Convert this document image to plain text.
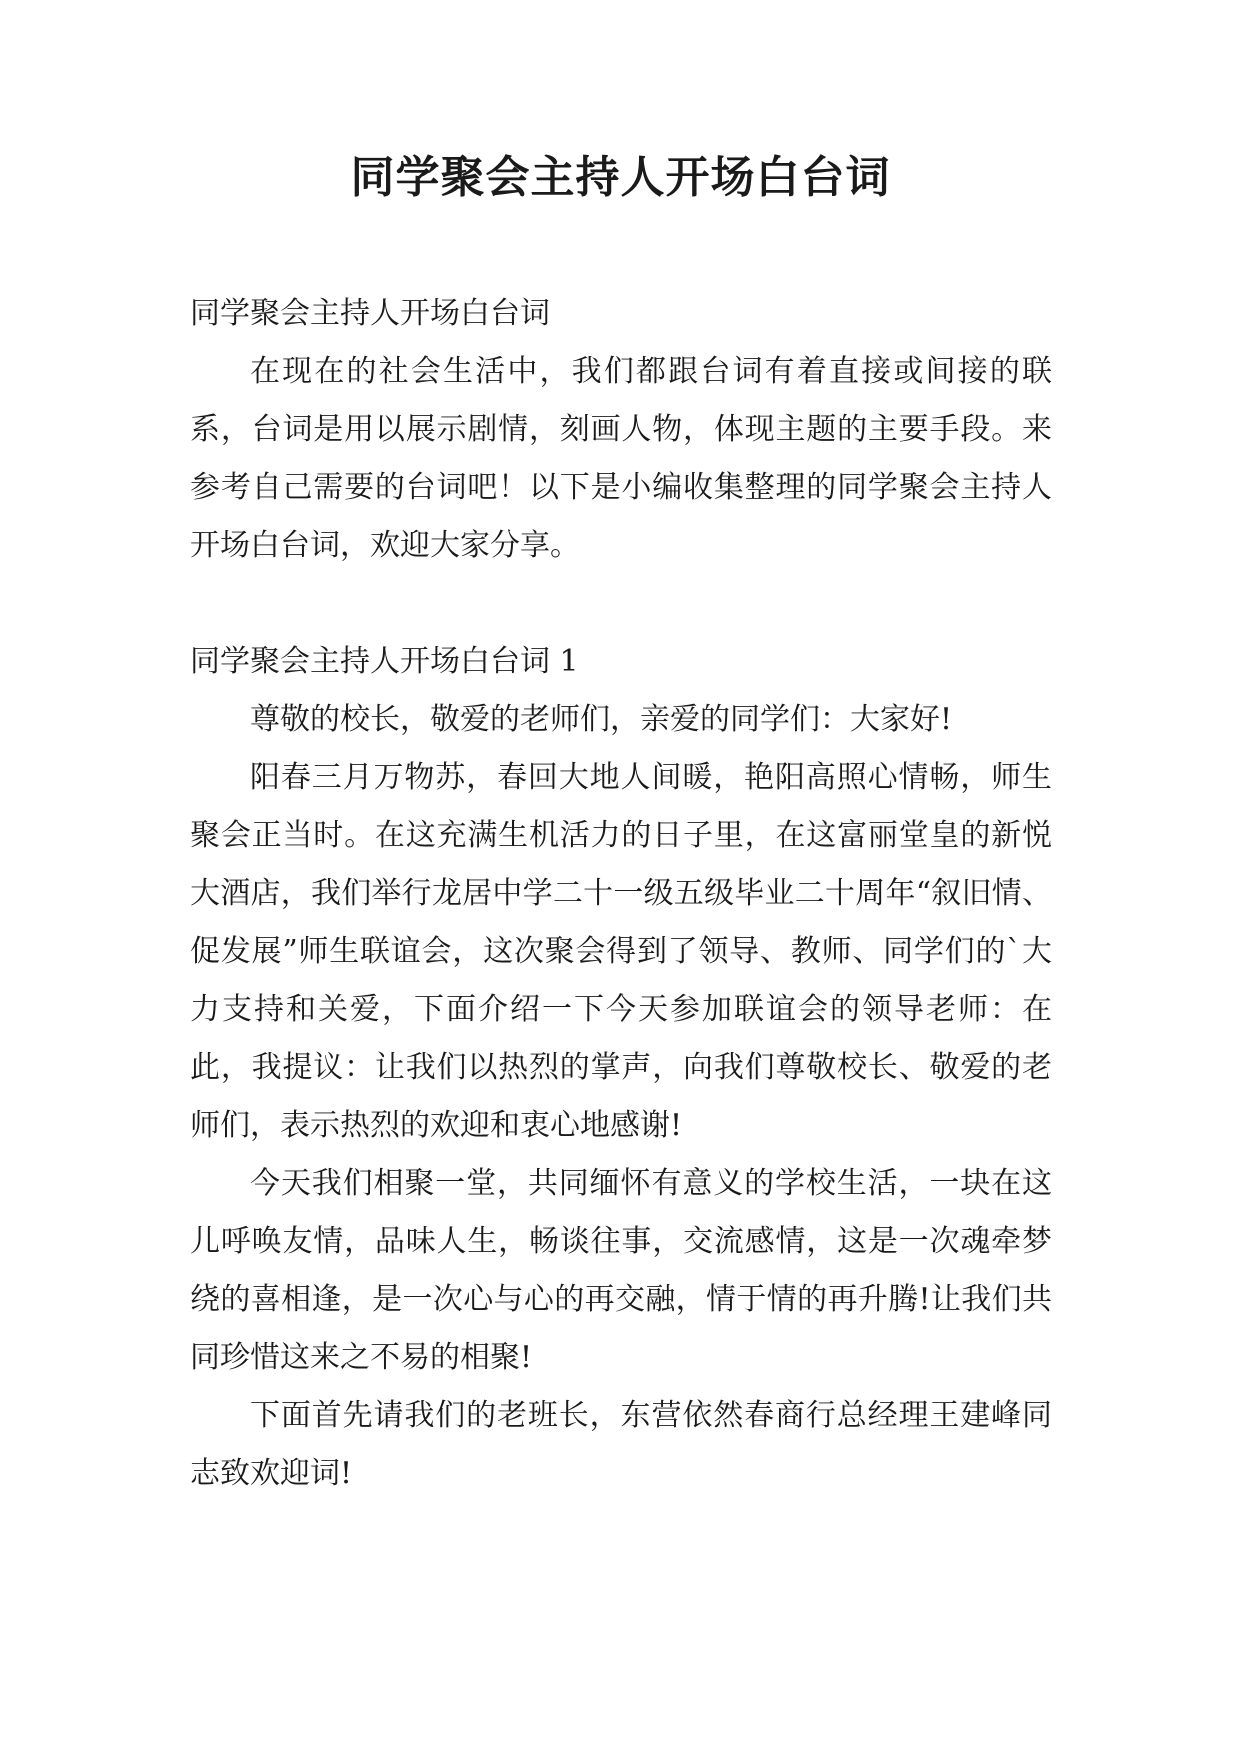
同学聚会主持人开场白台词

同学聚会主持人开场白台词

在现在的社会生活中，我们都跟台词有着直接或间接的联系，台词是用以展示剧情，刻画人物，体现主题的主要手段。来参考自己需要的台词吧！以下是小编收集整理的同学聚会主持人开场白台词，欢迎大家分享。

同学聚会主持人开场白台词 1

尊敬的校长，敬爱的老师们，亲爱的同学们：大家好!

阳春三月万物苏，春回大地人间暖，艳阳高照心情畅，师生聚会正当时。在这充满生机活力的日子里，在这富丽堂皇的新悦大酒店，我们举行龙居中学二十一级五级毕业二十周年“叙旧情、促发展”师生联谊会，这次聚会得到了领导、教师、同学们的`大力支持和关爱，下面介绍一下今天参加联谊会的领导老师：在此，我提议：让我们以热烈的掌声，向我们尊敬校长、敬爱的老师们，表示热烈的欢迎和衷心地感谢!

今天我们相聚一堂，共同缅怀有意义的学校生活，一块在这儿呼唤友情，品味人生，畅谈往事，交流感情，这是一次魂牵梦绕的喜相逢，是一次心与心的再交融，情于情的再升腾!让我们共同珍惜这来之不易的相聚!

下面首先请我们的老班长，东营依然春商行总经理王建峰同志致欢迎词!
